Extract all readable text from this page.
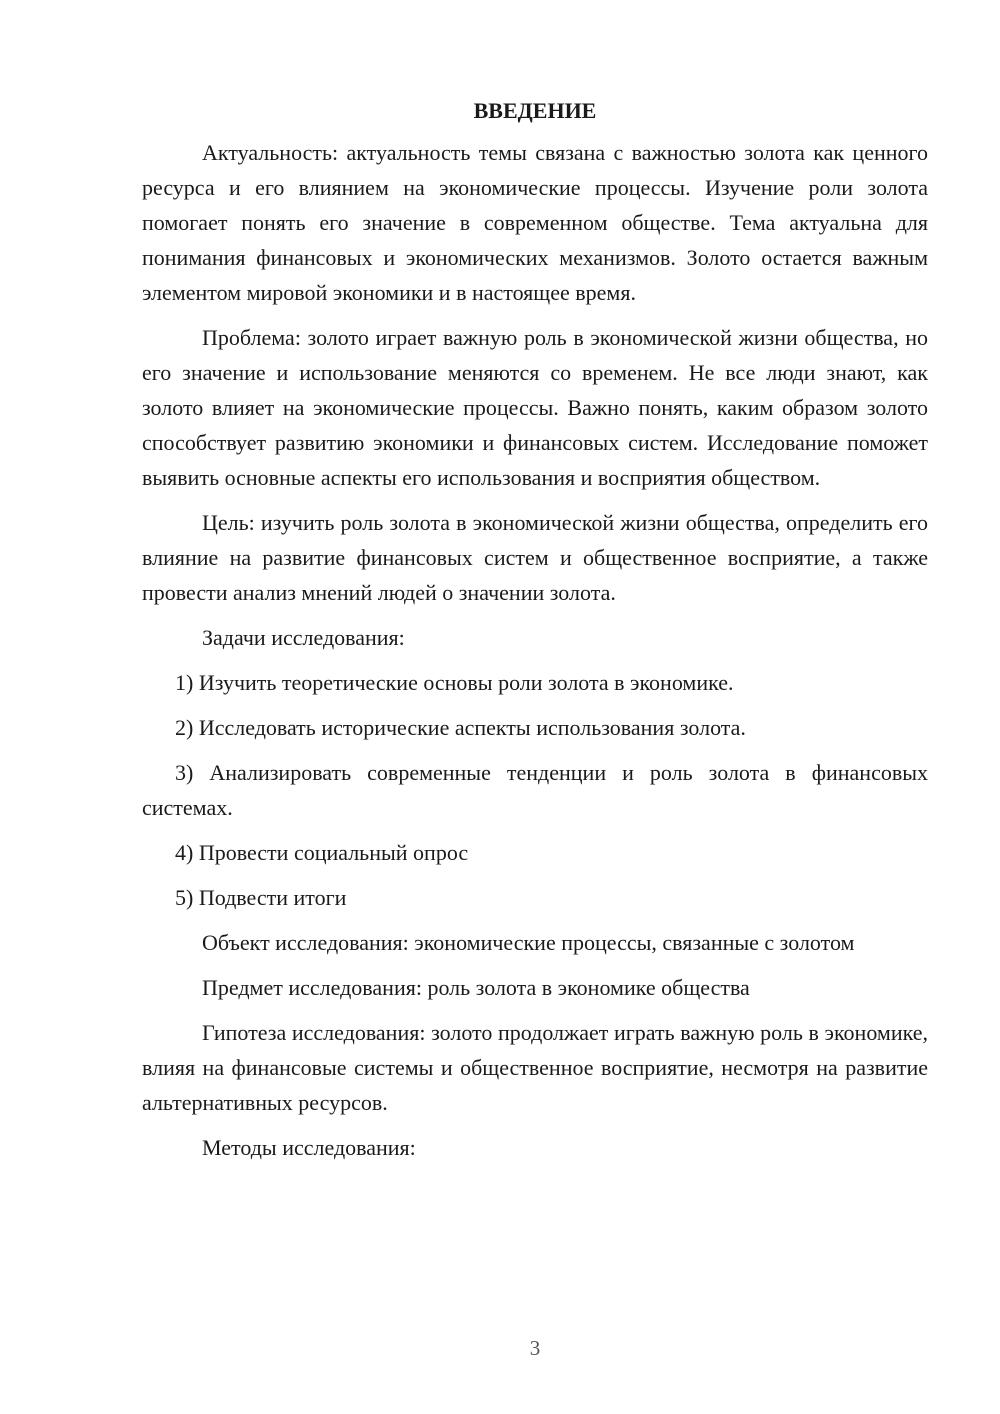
ВВЕДЕНИЕ

Актуальность: актуальность темы связана с важностью золота как ценного ресурса и его влиянием на экономические процессы. Изучение роли золота помогает понять его значение в современном обществе. Тема актуальна для понимания финансовых и экономических механизмов. Золото остается важным элементом мировой экономики и в настоящее время.

Проблема: золото играет важную роль в экономической жизни общества, но его значение и использование меняются со временем. Не все люди знают, как золото влияет на экономические процессы. Важно понять, каким образом золото способствует развитию экономики и финансовых систем. Исследование поможет выявить основные аспекты его использования и восприятия обществом.

Цель: изучить роль золота в экономической жизни общества, определить его влияние на развитие финансовых систем и общественное восприятие, а также провести анализ мнений людей о значении золота.

Задачи исследования:

1) Изучить теоретические основы роли золота в экономике.

2) Исследовать исторические аспекты использования золота.

3) Анализировать современные тенденции и роль золота в финансовых системах.

4) Провести социальный опрос

5) Подвести итоги

Объект исследования: экономические процессы, связанные с золотом

Предмет исследования: роль золота в экономике общества

Гипотеза исследования: золото продолжает играть важную роль в экономике, влияя на финансовые системы и общественное восприятие, несмотря на развитие альтернативных ресурсов.

Методы исследования:

3
